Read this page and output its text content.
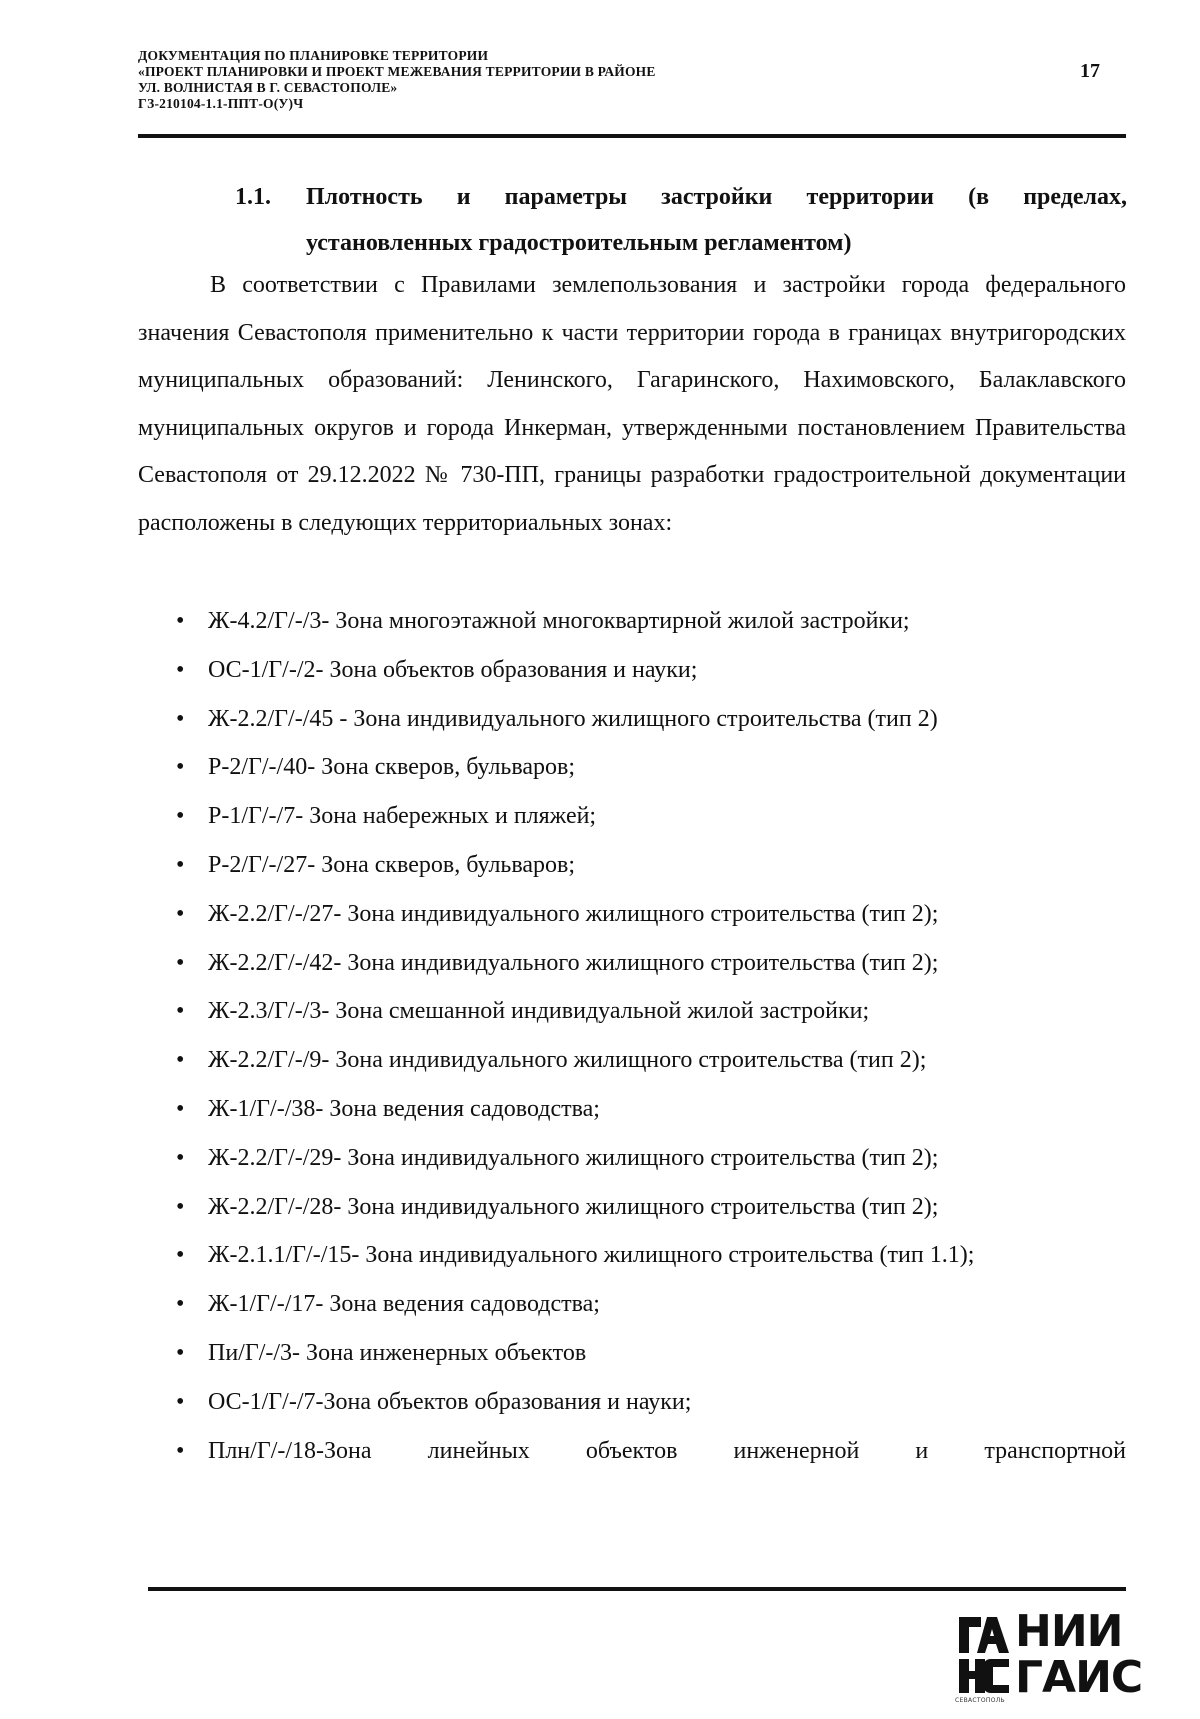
ДОКУМЕНТАЦИЯ ПО ПЛАНИРОВКЕ ТЕРРИТОРИИ
«ПРОЕКТ ПЛАНИРОВКИ И ПРОЕКТ МЕЖЕВАНИЯ ТЕРРИТОРИИ В РАЙОНЕ
УЛ. ВОЛНИСТАЯ В Г. СЕВАСТОПОЛЕ»
ГЗ-210104-1.1-ППТ-О(У)Ч
17
1.1. Плотность и параметры застройки территории (в пределах, установленных градостроительным регламентом)

В соответствии с Правилами землепользования и застройки города федерального значения Севастополя применительно к части территории города в границах внутригородских муниципальных образований: Ленинского, Гагаринского, Нахимовского, Балаклавского муниципальных округов и города Инкерман, утвержденными постановлением Правительства Севастополя от 29.12.2022 № 730-ПП, границы разработки градостроительной документации расположены в следующих территориальных зонах:

• Ж-4.2/Г/-/3- Зона многоэтажной многоквартирной жилой застройки;
• ОС-1/Г/-/2- Зона объектов образования и науки;
• Ж-2.2/Г/-/45 - Зона индивидуального жилищного строительства (тип 2)
• Р-2/Г/-/40- Зона скверов, бульваров;
• Р-1/Г/-/7- Зона набережных и пляжей;
• Р-2/Г/-/27- Зона скверов, бульваров;
• Ж-2.2/Г/-/27- Зона индивидуального жилищного строительства (тип 2);
• Ж-2.2/Г/-/42- Зона индивидуального жилищного строительства (тип 2);
• Ж-2.3/Г/-/3- Зона смешанной индивидуальной жилой застройки;
• Ж-2.2/Г/-/9- Зона индивидуального жилищного строительства (тип 2);
• Ж-1/Г/-/38- Зона ведения садоводства;
• Ж-2.2/Г/-/29- Зона индивидуального жилищного строительства (тип 2);
• Ж-2.2/Г/-/28- Зона индивидуального жилищного строительства (тип 2);
• Ж-2.1.1/Г/-/15- Зона индивидуального жилищного строительства (тип 1.1);
• Ж-1/Г/-/17- Зона ведения садоводства;
• Пи/Г/-/3- Зона инженерных объектов
• ОС-1/Г/-/7-Зона объектов образования и науки;
• Плн/Г/-/18-Зона линейных объектов инженерной и транспортной
НИИ
ГАИС
СЕВАСТОПОЛЬ
